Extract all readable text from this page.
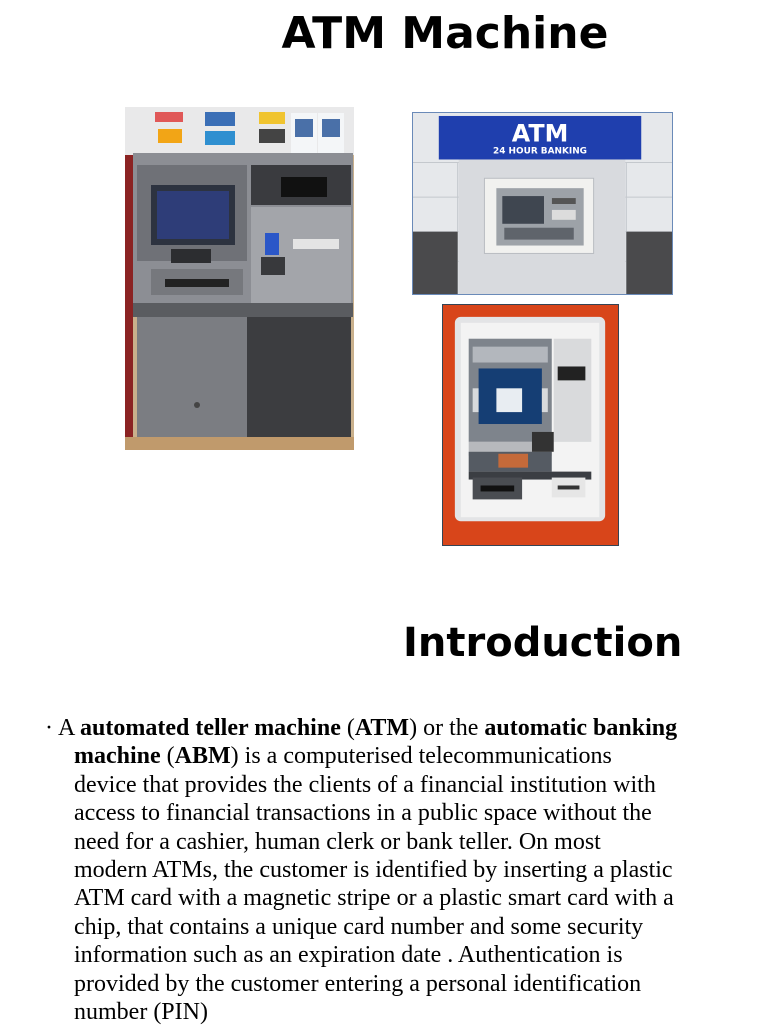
ATM Machine
ATM
24 HOUR BANKING
Introduction
· A automated teller machine (ATM) or the automatic banking
machine (ABM) is a computerised telecommunications
device that provides the clients of a financial institution with
access to financial transactions in a public space without the
need for a cashier, human clerk or bank teller. On most
modern ATMs, the customer is identified by inserting a plastic
ATM card with a magnetic stripe or a plastic smart card with a
chip, that contains a unique card number and some security
information such as an expiration date . Authentication is
provided by the customer entering a personal identification
number (PIN)
